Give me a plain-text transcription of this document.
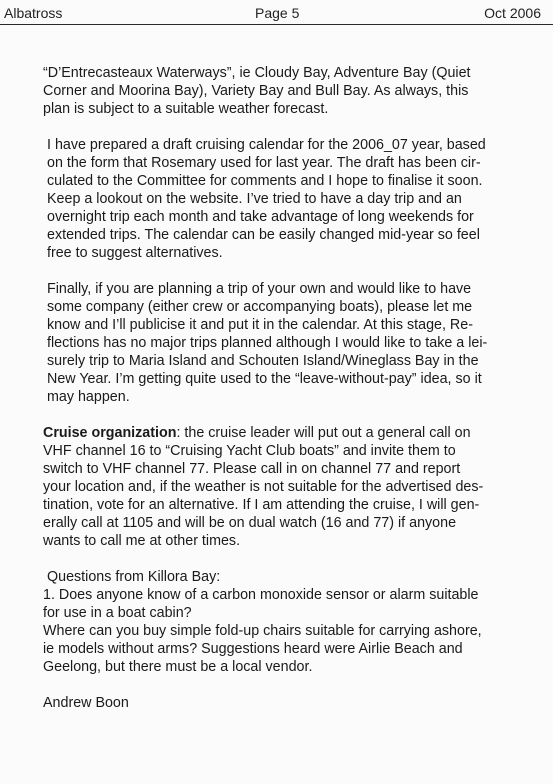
Albatross	Page 5	Oct 2006

“D’Entrecasteaux Waterways”, ie Cloudy Bay, Adventure Bay (Quiet
Corner and Moorina Bay), Variety Bay and Bull Bay. As always, this
plan is subject to a suitable weather forecast.

I have prepared a draft cruising calendar for the 2006_07 year, based
on the form that Rosemary used for last year. The draft has been cir-
culated to the Committee for comments and I hope to finalise it soon.
Keep a lookout on the website. I’ve tried to have a day trip and an
overnight trip each month and take advantage of long weekends for
extended trips. The calendar can be easily changed mid-year so feel
free to suggest alternatives.

Finally, if you are planning a trip of your own and would like to have
some company (either crew or accompanying boats), please let me
know and I’ll publicise it and put it in the calendar. At this stage, Re-
flections has no major trips planned although I would like to take a lei-
surely trip to Maria Island and Schouten Island/Wineglass Bay in the
New Year. I’m getting quite used to the “leave-without-pay” idea, so it
may happen.

Cruise organization: the cruise leader will put out a general call on
VHF channel 16 to “Cruising Yacht Club boats” and invite them to
switch to VHF channel 77. Please call in on channel 77 and report
your location and, if the weather is not suitable for the advertised des-
tination, vote for an alternative. If I am attending the cruise, I will gen-
erally call at 1105 and will be on dual watch (16 and 77) if anyone
wants to call me at other times.

Questions from Killora Bay:
1. Does anyone know of a carbon monoxide sensor or alarm suitable
for use in a boat cabin?
Where can you buy simple fold-up chairs suitable for carrying ashore,
ie models without arms? Suggestions heard were Airlie Beach and
Geelong, but there must be a local vendor.

Andrew Boon
